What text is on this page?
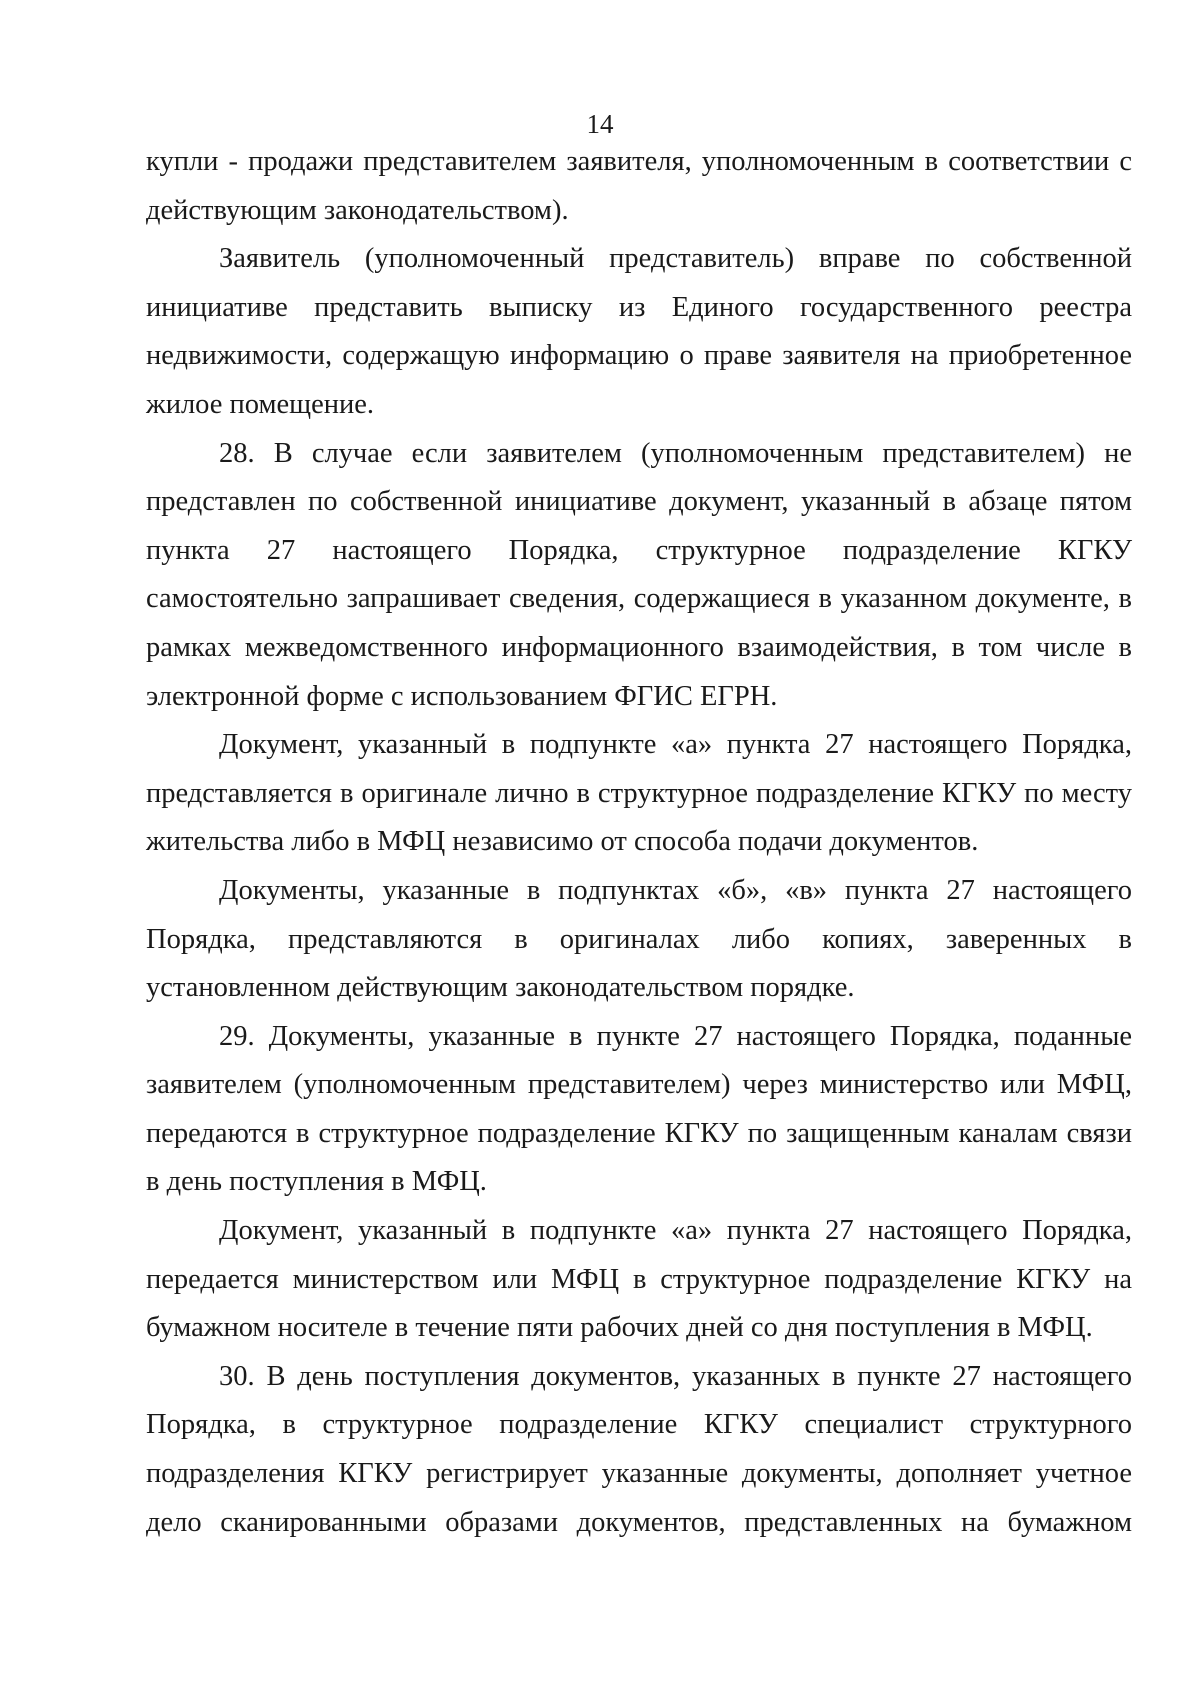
14

купли - продажи представителем заявителя, уполномоченным в соответствии с действующим законодательством).

Заявитель (уполномоченный представитель) вправе по собственной инициативе представить выписку из Единого государственного реестра недвижимости, содержащую информацию о праве заявителя на приобретенное жилое помещение.

28. В случае если заявителем (уполномоченным представителем) не представлен по собственной инициативе документ, указанный в абзаце пятом пункта 27 настоящего Порядка, структурное подразделение КГКУ самостоятельно запрашивает сведения, содержащиеся в указанном документе, в рамках межведомственного информационного взаимодействия, в том числе в электронной форме с использованием ФГИС ЕГРН.

Документ, указанный в подпункте «а» пункта 27 настоящего Порядка, представляется в оригинале лично в структурное подразделение КГКУ по месту жительства либо в МФЦ независимо от способа подачи документов.

Документы, указанные в подпунктах «б», «в» пункта 27 настоящего Порядка, представляются в оригиналах либо копиях, заверенных в установленном действующим законодательством порядке.

29. Документы, указанные в пункте 27 настоящего Порядка, поданные заявителем (уполномоченным представителем) через министерство или МФЦ, передаются в структурное подразделение КГКУ по защищенным каналам связи в день поступления в МФЦ.

Документ, указанный в подпункте «а» пункта 27 настоящего Порядка, передается министерством или МФЦ в структурное подразделение КГКУ на бумажном носителе в течение пяти рабочих дней со дня поступления в МФЦ.

30. В день поступления документов, указанных в пункте 27 настоящего Порядка, в структурное подразделение КГКУ специалист структурного подразделения КГКУ регистрирует указанные документы, дополняет учетное дело сканированными образами документов, представленных на бумажном
